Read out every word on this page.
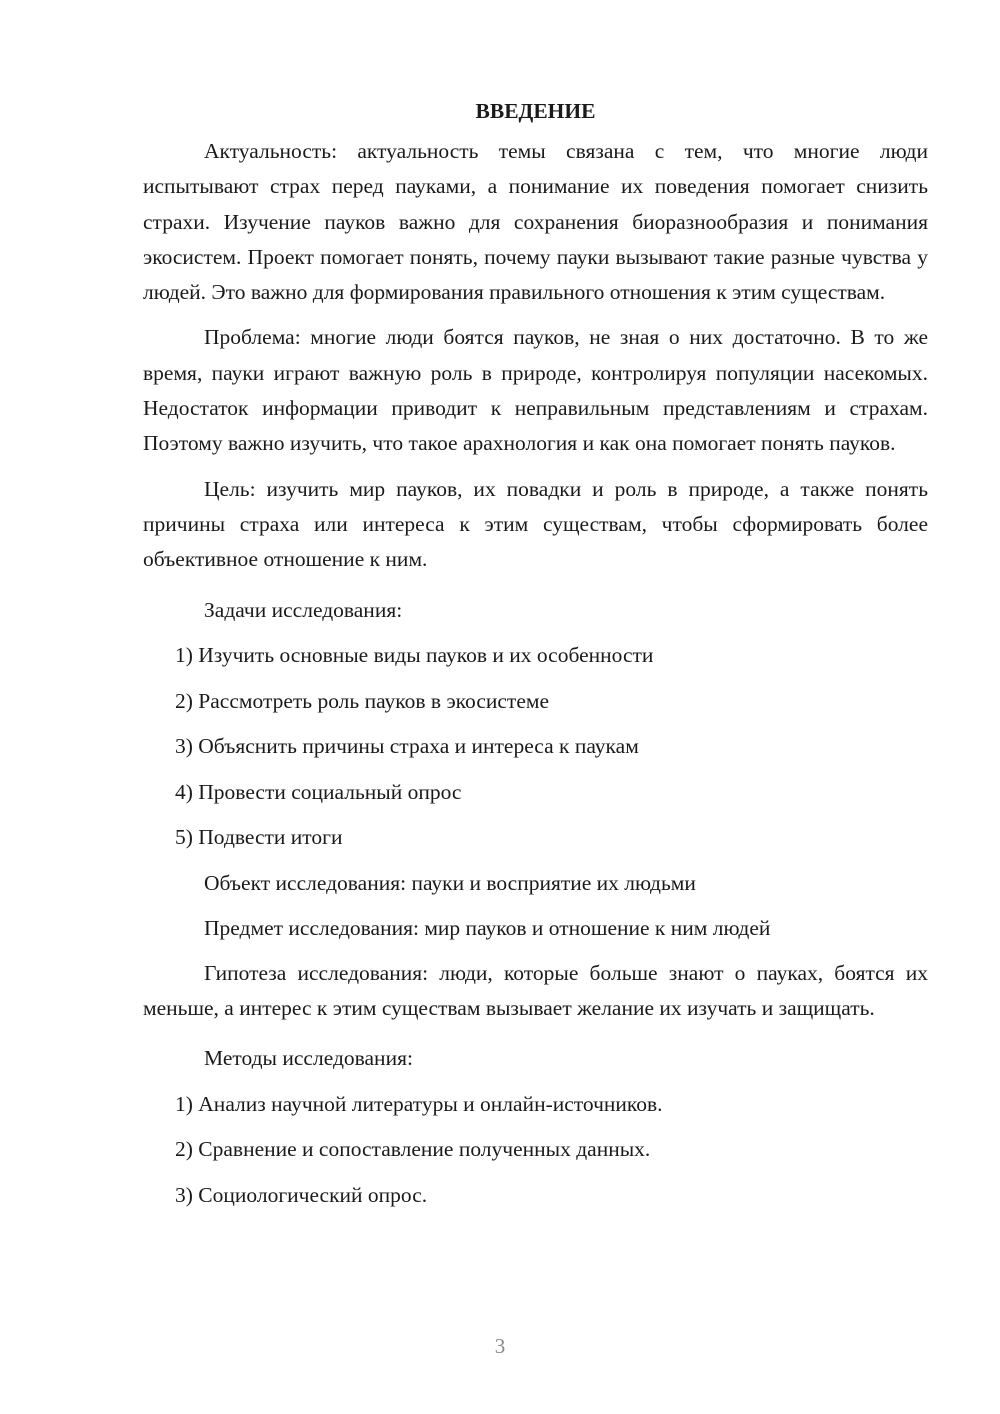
ВВЕДЕНИЕ

Актуальность: актуальность темы связана с тем, что многие люди испытывают страх перед пауками, а понимание их поведения помогает снизить страхи. Изучение пауков важно для сохранения биоразнообразия и понимания экосистем. Проект помогает понять, почему пауки вызывают такие разные чувства у людей. Это важно для формирования правильного отношения к этим существам.

Проблема: многие люди боятся пауков, не зная о них достаточно. В то же время, пауки играют важную роль в природе, контролируя популяции насекомых. Недостаток информации приводит к неправильным представлениям и страхам. Поэтому важно изучить, что такое арахнология и как она помогает понять пауков.

Цель: изучить мир пауков, их повадки и роль в природе, а также понять причины страха или интереса к этим существам, чтобы сформировать более объективное отношение к ним.

Задачи исследования:

1) Изучить основные виды пауков и их особенности

2) Рассмотреть роль пауков в экосистеме

3) Объяснить причины страха и интереса к паукам

4) Провести социальный опрос

5) Подвести итоги

Объект исследования: пауки и восприятие их людьми

Предмет исследования: мир пауков и отношение к ним людей

Гипотеза исследования: люди, которые больше знают о пауках, боятся их меньше, а интерес к этим существам вызывает желание их изучать и защищать.

Методы исследования:

1) Анализ научной литературы и онлайн-источников.

2) Сравнение и сопоставление полученных данных.

3) Социологический опрос.

3
